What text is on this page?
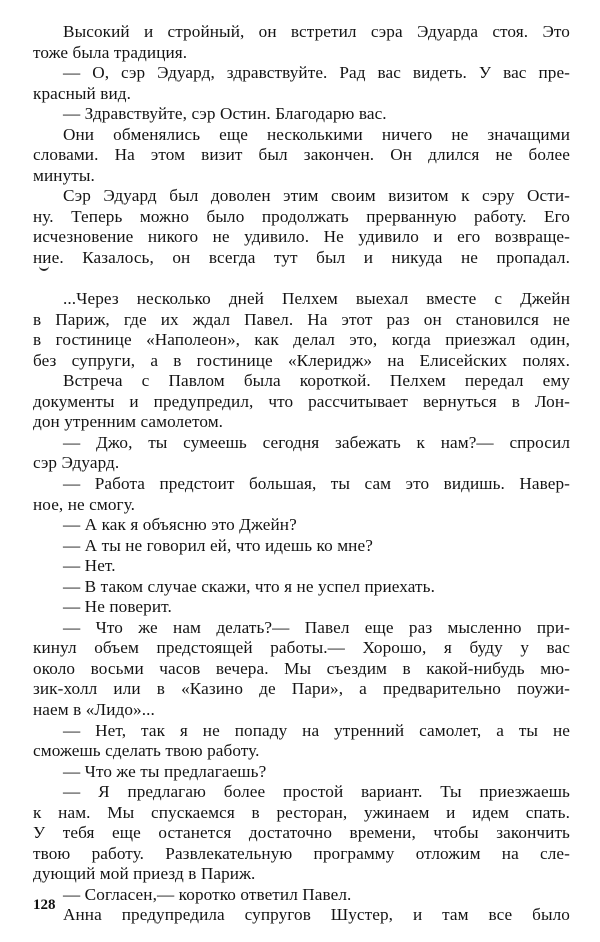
Высокий и стройный, он встретил сэра Эдуарда стоя. Это
тоже была традиция.
— О, сэр Эдуард, здравствуйте. Рад вас видеть. У вас пре-
красный вид.
— Здравствуйте, сэр Остин. Благодарю вас.
Они обменялись еще несколькими ничего не значащими
словами. На этом визит был закончен. Он длился не более
минуты.
Сэр Эдуард был доволен этим своим визитом к сэру Ости-
ну. Теперь можно было продолжать прерванную работу. Его
исчезновение никого не удивило. Не удивило и его возвраще-
ние. Казалось, он всегда тут был и никуда не пропадал.
...Через несколько дней Пелхем выехал вместе с Джейн
в Париж, где их ждал Павел. На этот раз он становился не
в гостинице «Наполеон», как делал это, когда приезжал один,
без супруги, а в гостинице «Клеридж» на Елисейских полях.
Встреча с Павлом была короткой. Пелхем передал ему
документы и предупредил, что рассчитывает вернуться в Лон-
дон утренним самолетом.
— Джо, ты сумеешь сегодня забежать к нам?— спросил
сэр Эдуард.
— Работа предстоит большая, ты сам это видишь. Навер-
ное, не смогу.
— А как я объясню это Джейн?
— А ты не говорил ей, что идешь ко мне?
— Нет.
— В таком случае скажи, что я не успел приехать.
— Не поверит.
— Что же нам делать?— Павел еще раз мысленно при-
кинул объем предстоящей работы.— Хорошо, я буду у вас
около восьми часов вечера. Мы съездим в какой-нибудь мю-
зик-холл или в «Казино де Пари», а предварительно поужи-
наем в «Лидо»...
— Нет, так я не попаду на утренний самолет, а ты не
сможешь сделать твою работу.
— Что же ты предлагаешь?
— Я предлагаю более простой вариант. Ты приезжаешь
к нам. Мы спускаемся в ресторан, ужинаем и идем спать.
У тебя еще останется достаточно времени, чтобы закончить
твою работу. Развлекательную программу отложим на сле-
дующий мой приезд в Париж.
— Согласен,— коротко ответил Павел.
Анна предупредила супругов Шустер, и там все было
128
